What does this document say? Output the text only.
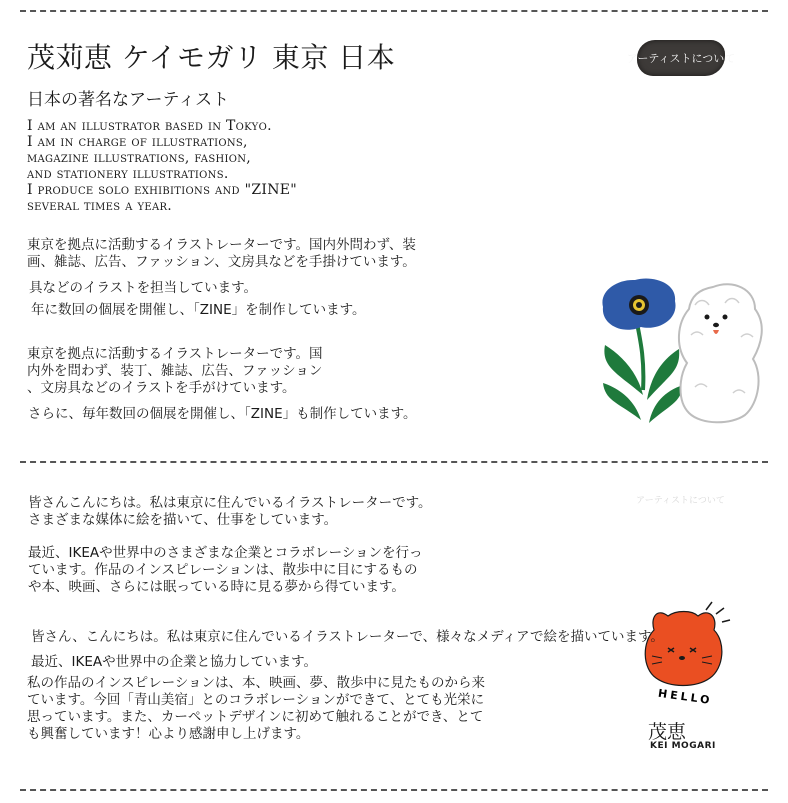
茂苅恵 ケイモガリ 東京 日本
日本の著名なアーティスト
アーティストについて
I am an illustrator based in Tokyo.
I am in charge of illustrations,
magazine illustrations, fashion,
and stationery illustrations.
I produce solo exhibitions and "ZINE"
several times a year.
東京を拠点に活動するイラストレーターです。国内外問わず、装
画、雑誌、広告、ファッション、文房具などを手掛けています。
具などのイラストを担当しています。
年に数回の個展を開催し、「ZINE」を制作しています。
東京を拠点に活動するイラストレーターです。国
内外を問わず、装丁、雑誌、広告、ファッション
、文房具などのイラストを手がけています。
さらに、毎年数回の個展を開催し、「ZINE」も制作しています。
アーティストについて
皆さんこんにちは。私は東京に住んでいるイラストレーターです。
さまざまな媒体に絵を描いて、仕事をしています。
最近、IKEAや世界中のさまざまな企業とコラボレーションを行っ
ています。作品のインスピレーションは、散歩中に目にするもの
や本、映画、さらには眠っている時に見る夢から得ています。
HELLO
皆さん、こんにちは。私は東京に住んでいるイラストレーターで、様々なメディアで絵を描いています。
最近、IKEAや世界中の企業と協力しています。
私の作品のインスピレーションは、本、映画、夢、散歩中に見たものから来
ています。今回「青山美宿」とのコラボレーションができて、とても光栄に
思っています。また、カーペットデザインに初めて触れることができ、とて
も興奮しています！心より感謝申し上げます。	茂恵
KEI MOGARI
